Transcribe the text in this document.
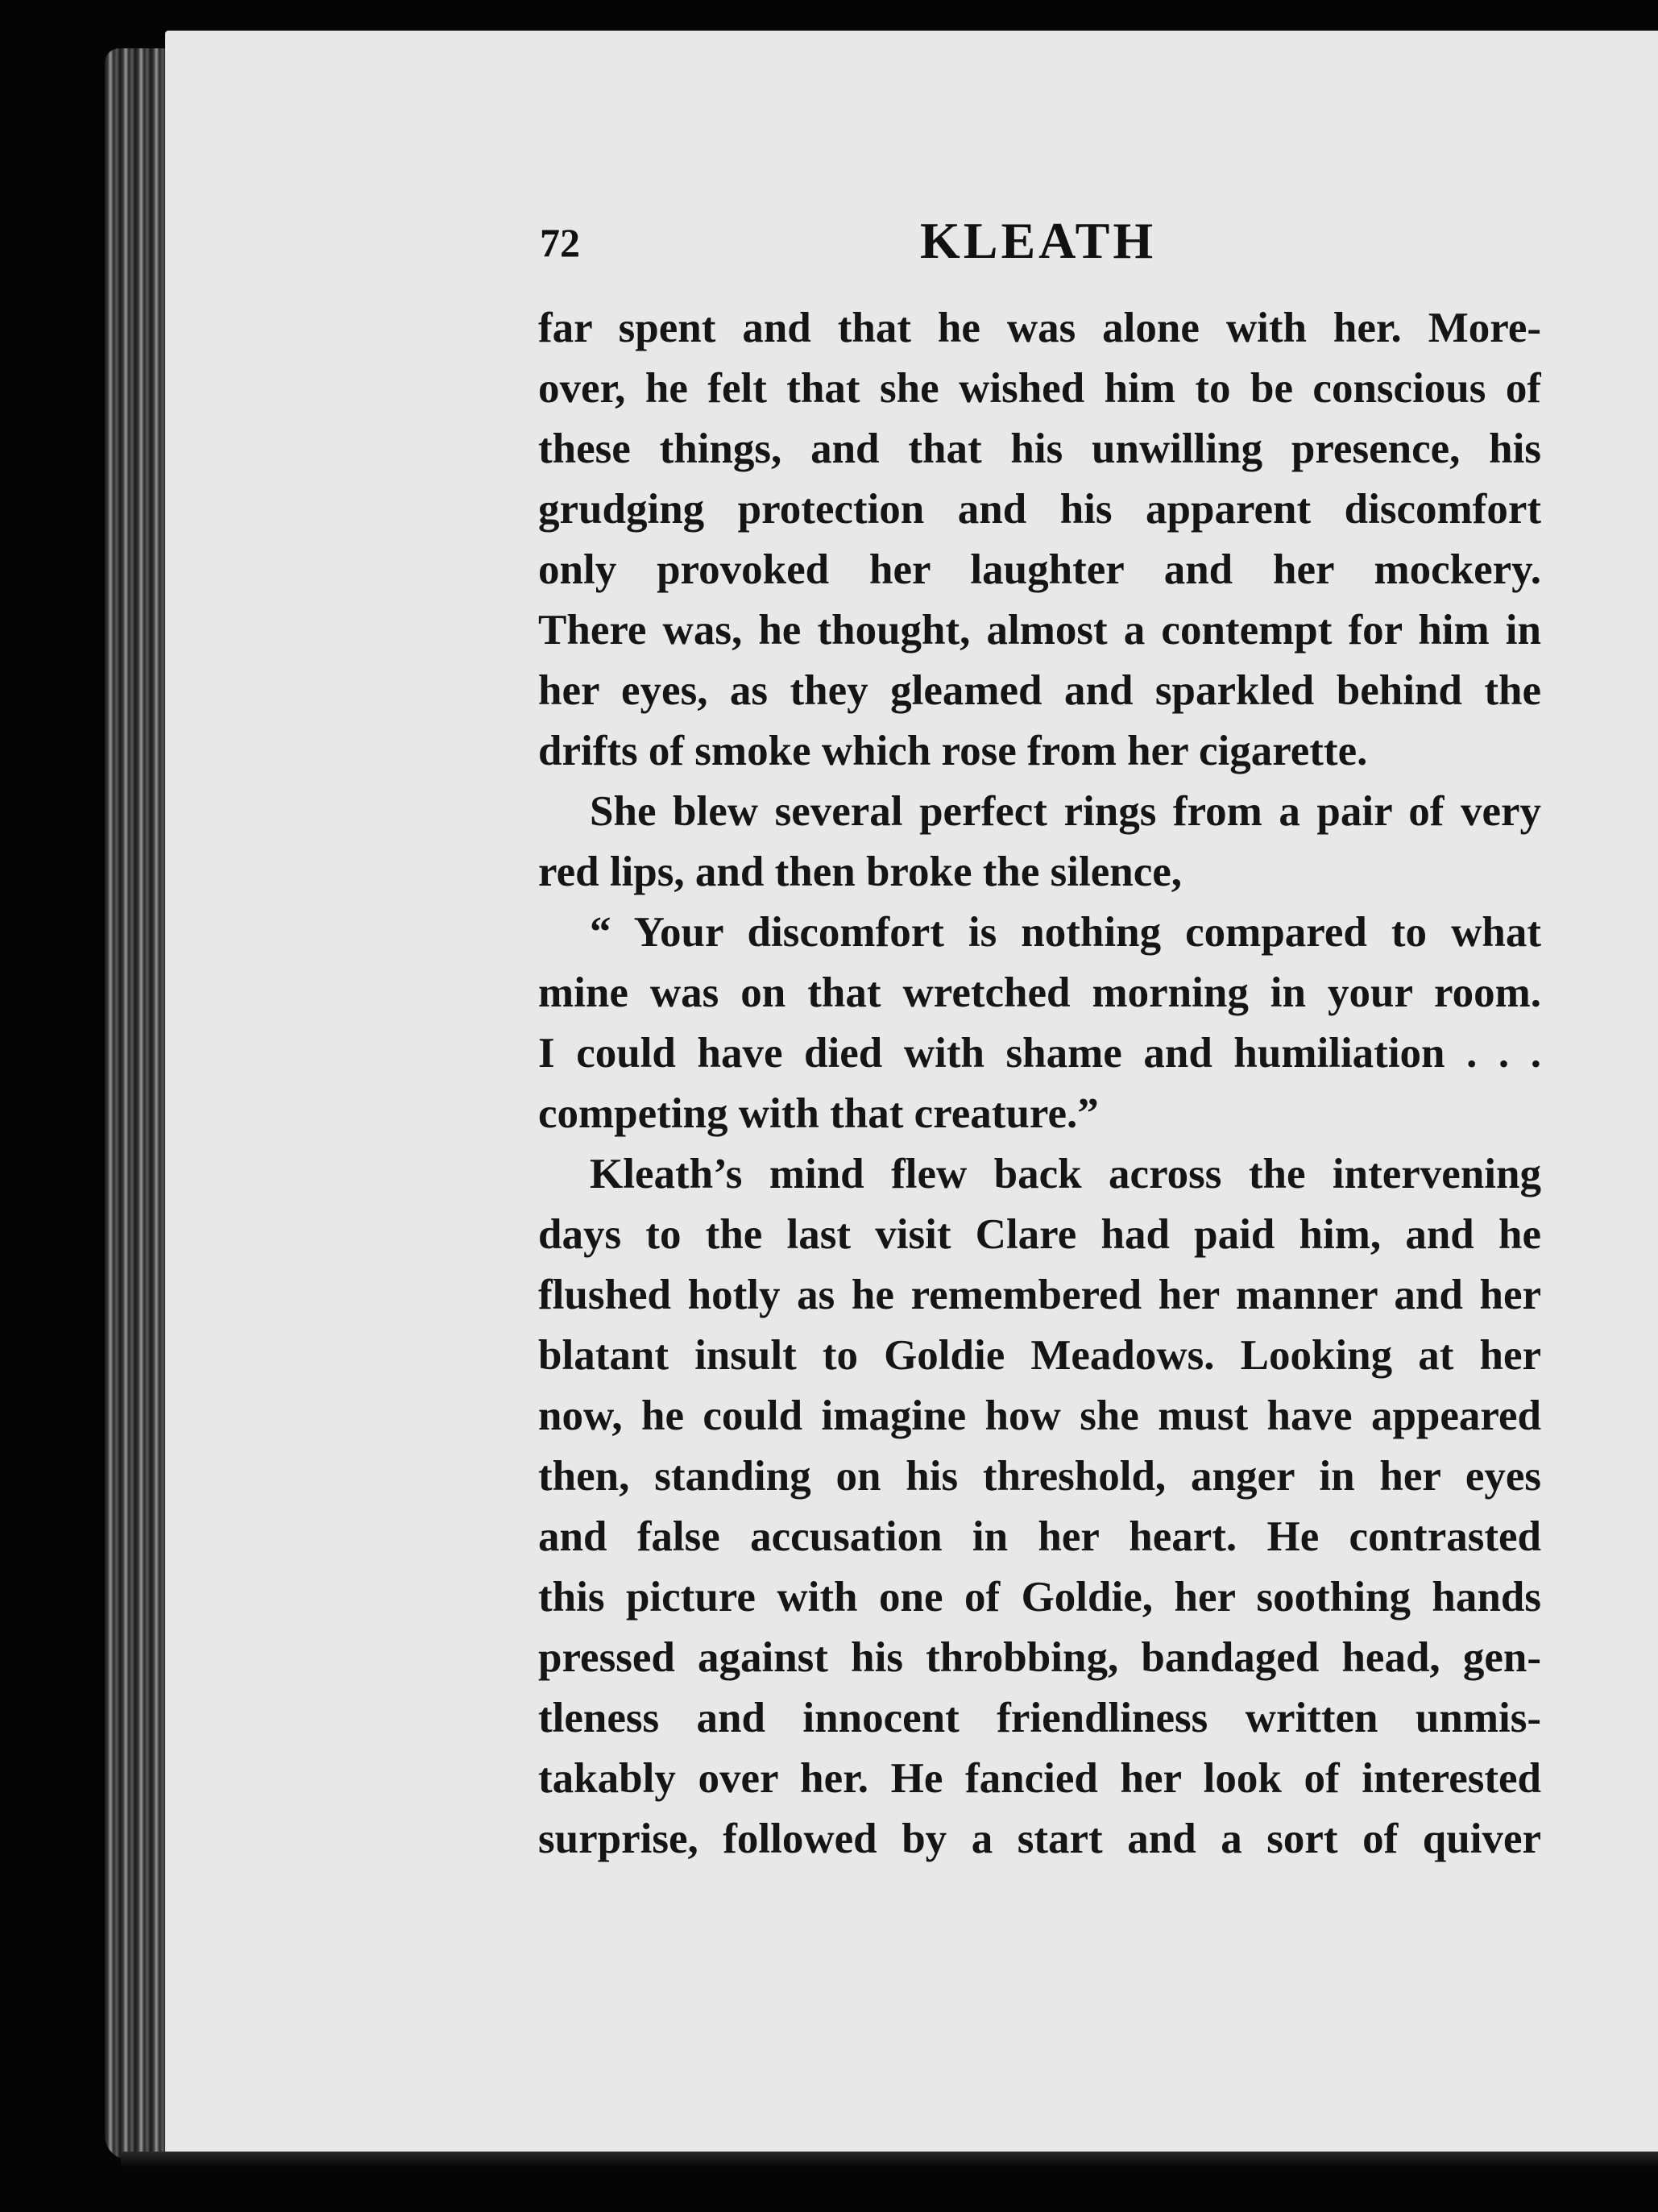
72	KLEATH
far spent and that he was alone with her. More-
over, he felt that she wished him to be conscious of
these things, and that his unwilling presence, his
grudging protection and his apparent discomfort
only provoked her laughter and her mockery.
There was, he thought, almost a contempt for him in
her eyes, as they gleamed and sparkled behind the
drifts of smoke which rose from her cigarette.
She blew several perfect rings from a pair of very
red lips, and then broke the silence,
“ Your discomfort is nothing compared to what
mine was on that wretched morning in your room.
I could have died with shame and humiliation . . .
competing with that creature.”
Kleath’s mind flew back across the intervening
days to the last visit Clare had paid him, and he
flushed hotly as he remembered her manner and her
blatant insult to Goldie Meadows. Looking at her
now, he could imagine how she must have appeared
then, standing on his threshold, anger in her eyes
and false accusation in her heart. He contrasted
this picture with one of Goldie, her soothing hands
pressed against his throbbing, bandaged head, gen-
tleness and innocent friendliness written unmis-
takably over her. He fancied her look of interested
surprise, followed by a start and a sort of quiver
